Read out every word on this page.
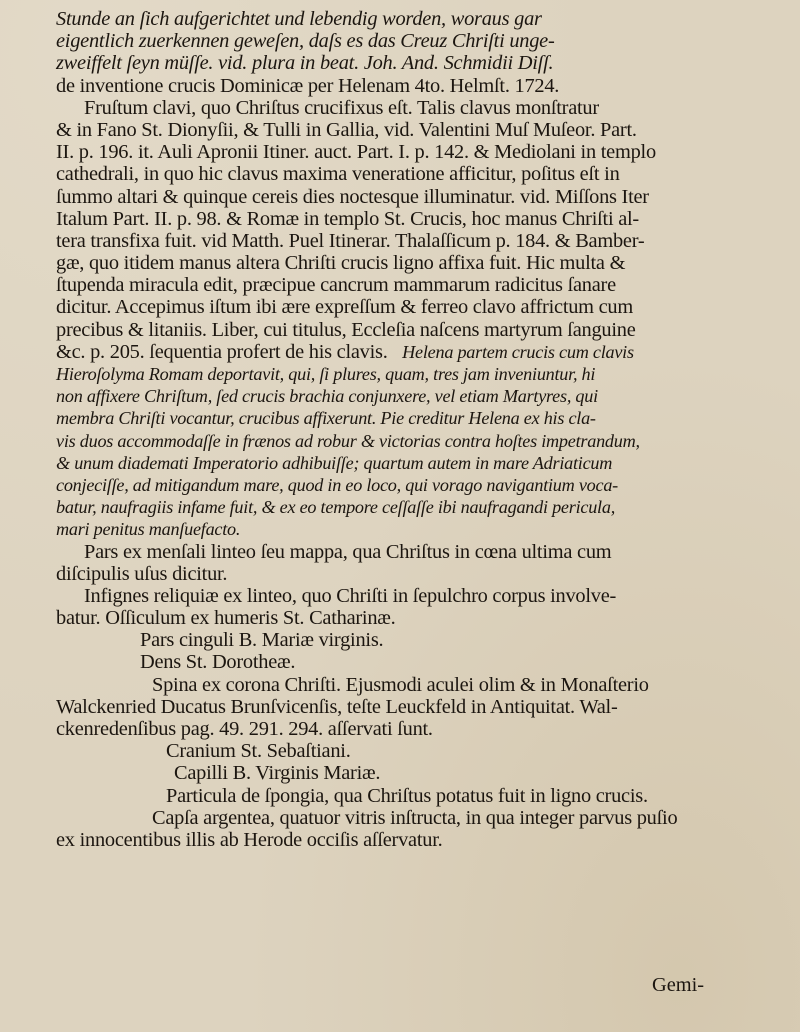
Stunde an ſich aufgerichtet und lebendig worden, woraus gar
eigentlich zuerkennen geweſen, daſs es das Creuz Chriſti unge-
zweiffelt ſeyn müſſe. vid. plura in beat. Joh. And. Schmidii Diſſ.
de inventione crucis Dominicæ per Helenam 4to. Helmſt. 1724.
Fruſtum clavi, quo Chriſtus crucifixus eſt. Talis clavus monſtratur
& in Fano St. Dionyſii, & Tulli in Gallia, vid. Valentini Muſ Muſeor. Part.
II. p. 196. it. Auli Apronii Itiner. auct. Part. I. p. 142. & Mediolani in templo
cathedrali, in quo hic clavus maxima veneratione afficitur, poſitus eſt in
ſummo altari & quinque cereis dies noctesque illuminatur. vid. Miſſons Iter
Italum Part. II. p. 98. & Romæ in templo St. Crucis, hoc manus Chriſti al-
tera transfixa fuit. vid Matth. Puel Itinerar. Thalaſſicum p. 184. & Bamber-
gæ, quo itidem manus altera Chriſti crucis ligno affixa fuit. Hic multa &
ſtupenda miracula edit, præcipue cancrum mammarum radicitus ſanare
dicitur. Accepimus iſtum ibi ære expreſſum & ferreo clavo affrictum cum
precibus & litaniis. Liber, cui titulus, Eccleſia naſcens martyrum ſanguine
&c. p. 205. ſequentia profert de his clavis. Helena partem crucis cum clavis
Hieroſolyma Romam deportavit, qui, ſi plures, quam, tres jam inveniuntur, hi
non affixere Chriſtum, ſed crucis brachia conjunxere, vel etiam Martyres, qui
membra Chriſti vocantur, crucibus affixerunt. Pie creditur Helena ex his cla-
vis duos accommodaſſe in frænos ad robur & victorias contra hoſtes impetrandum,
& unum diademati Imperatorio adhibuiſſe; quartum autem in mare Adriaticum
conjeciſſe, ad mitigandum mare, quod in eo loco, qui vorago navigantium voca-
batur, naufragiis infame fuit, & ex eo tempore ceſſaſſe ibi naufragandi pericula,
mari penitus manſuefacto.
Pars ex menſali linteo ſeu mappa, qua Chriſtus in cœna ultima cum
diſcipulis uſus dicitur.
Infignes reliquiæ ex linteo, quo Chriſti in ſepulchro corpus involve-
batur. Oſſiculum ex humeris St. Catharinæ.
Pars cinguli B. Mariæ virginis.
Dens St. Dorotheæ.
Spina ex corona Chriſti. Ejusmodi aculei olim & in Monaſterio
Walckenried Ducatus Brunſvicenſis, teſte Leuckfeld in Antiquitat. Wal-
ckenredenſibus pag. 49. 291. 294. aſſervati ſunt.
Cranium St. Sebaſtiani.
Capilli B. Virginis Mariæ.
Particula de ſpongia, qua Chriſtus potatus fuit in ligno crucis.
Capſa argentea, quatuor vitris inſtructa, in qua integer parvus puſio
ex innocentibus illis ab Herode occiſis aſſervatur.
Gemi-
